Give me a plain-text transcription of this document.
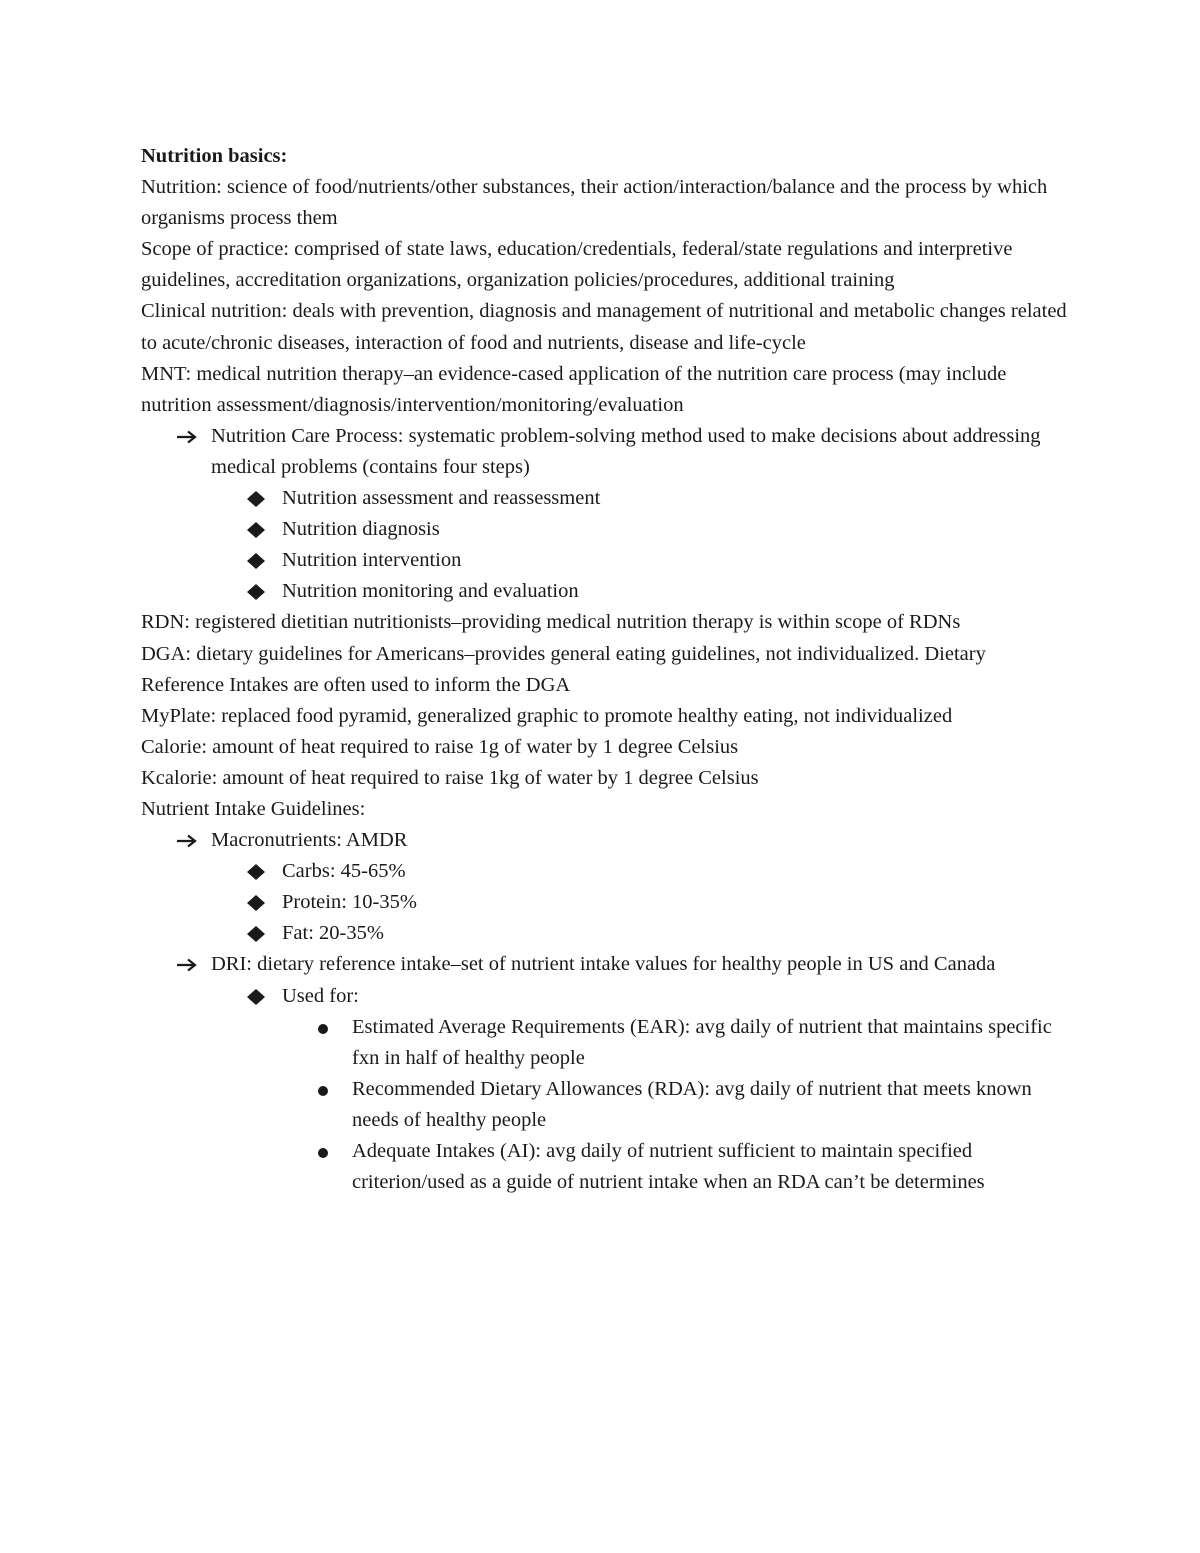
Nutrition basics:

Nutrition: science of food/nutrients/other substances, their action/interaction/balance and the process by which organisms process them

Scope of practice: comprised of state laws, education/credentials, federal/state regulations and interpretive guidelines, accreditation organizations, organization policies/procedures, additional training

Clinical nutrition: deals with prevention, diagnosis and management of nutritional and metabolic changes related to acute/chronic diseases, interaction of food and nutrients, disease and life-cycle

MNT: medical nutrition therapy–an evidence-cased application of the nutrition care process (may include nutrition assessment/diagnosis/intervention/monitoring/evaluation

Nutrition Care Process: systematic problem-solving method used to make decisions about addressing medical problems (contains four steps)
Nutrition assessment and reassessment
Nutrition diagnosis
Nutrition intervention
Nutrition monitoring and evaluation

RDN: registered dietitian nutritionists–providing medical nutrition therapy is within scope of RDNs

DGA: dietary guidelines for Americans–provides general eating guidelines, not individualized. Dietary Reference Intakes are often used to inform the DGA

MyPlate: replaced food pyramid, generalized graphic to promote healthy eating, not individualized

Calorie: amount of heat required to raise 1g of water by 1 degree Celsius

Kcalorie: amount of heat required to raise 1kg of water by 1 degree Celsius

Nutrient Intake Guidelines:

Macronutrients: AMDR
Carbs: 45-65%
Protein: 10-35%
Fat: 20-35%
DRI: dietary reference intake–set of nutrient intake values for healthy people in US and Canada
Used for:
Estimated Average Requirements (EAR): avg daily of nutrient that maintains specific fxn in half of healthy people
Recommended Dietary Allowances (RDA): avg daily of nutrient that meets known needs of healthy people
Adequate Intakes (AI): avg daily of nutrient sufficient to maintain specified criterion/used as a guide of nutrient intake when an RDA can’t be determines
